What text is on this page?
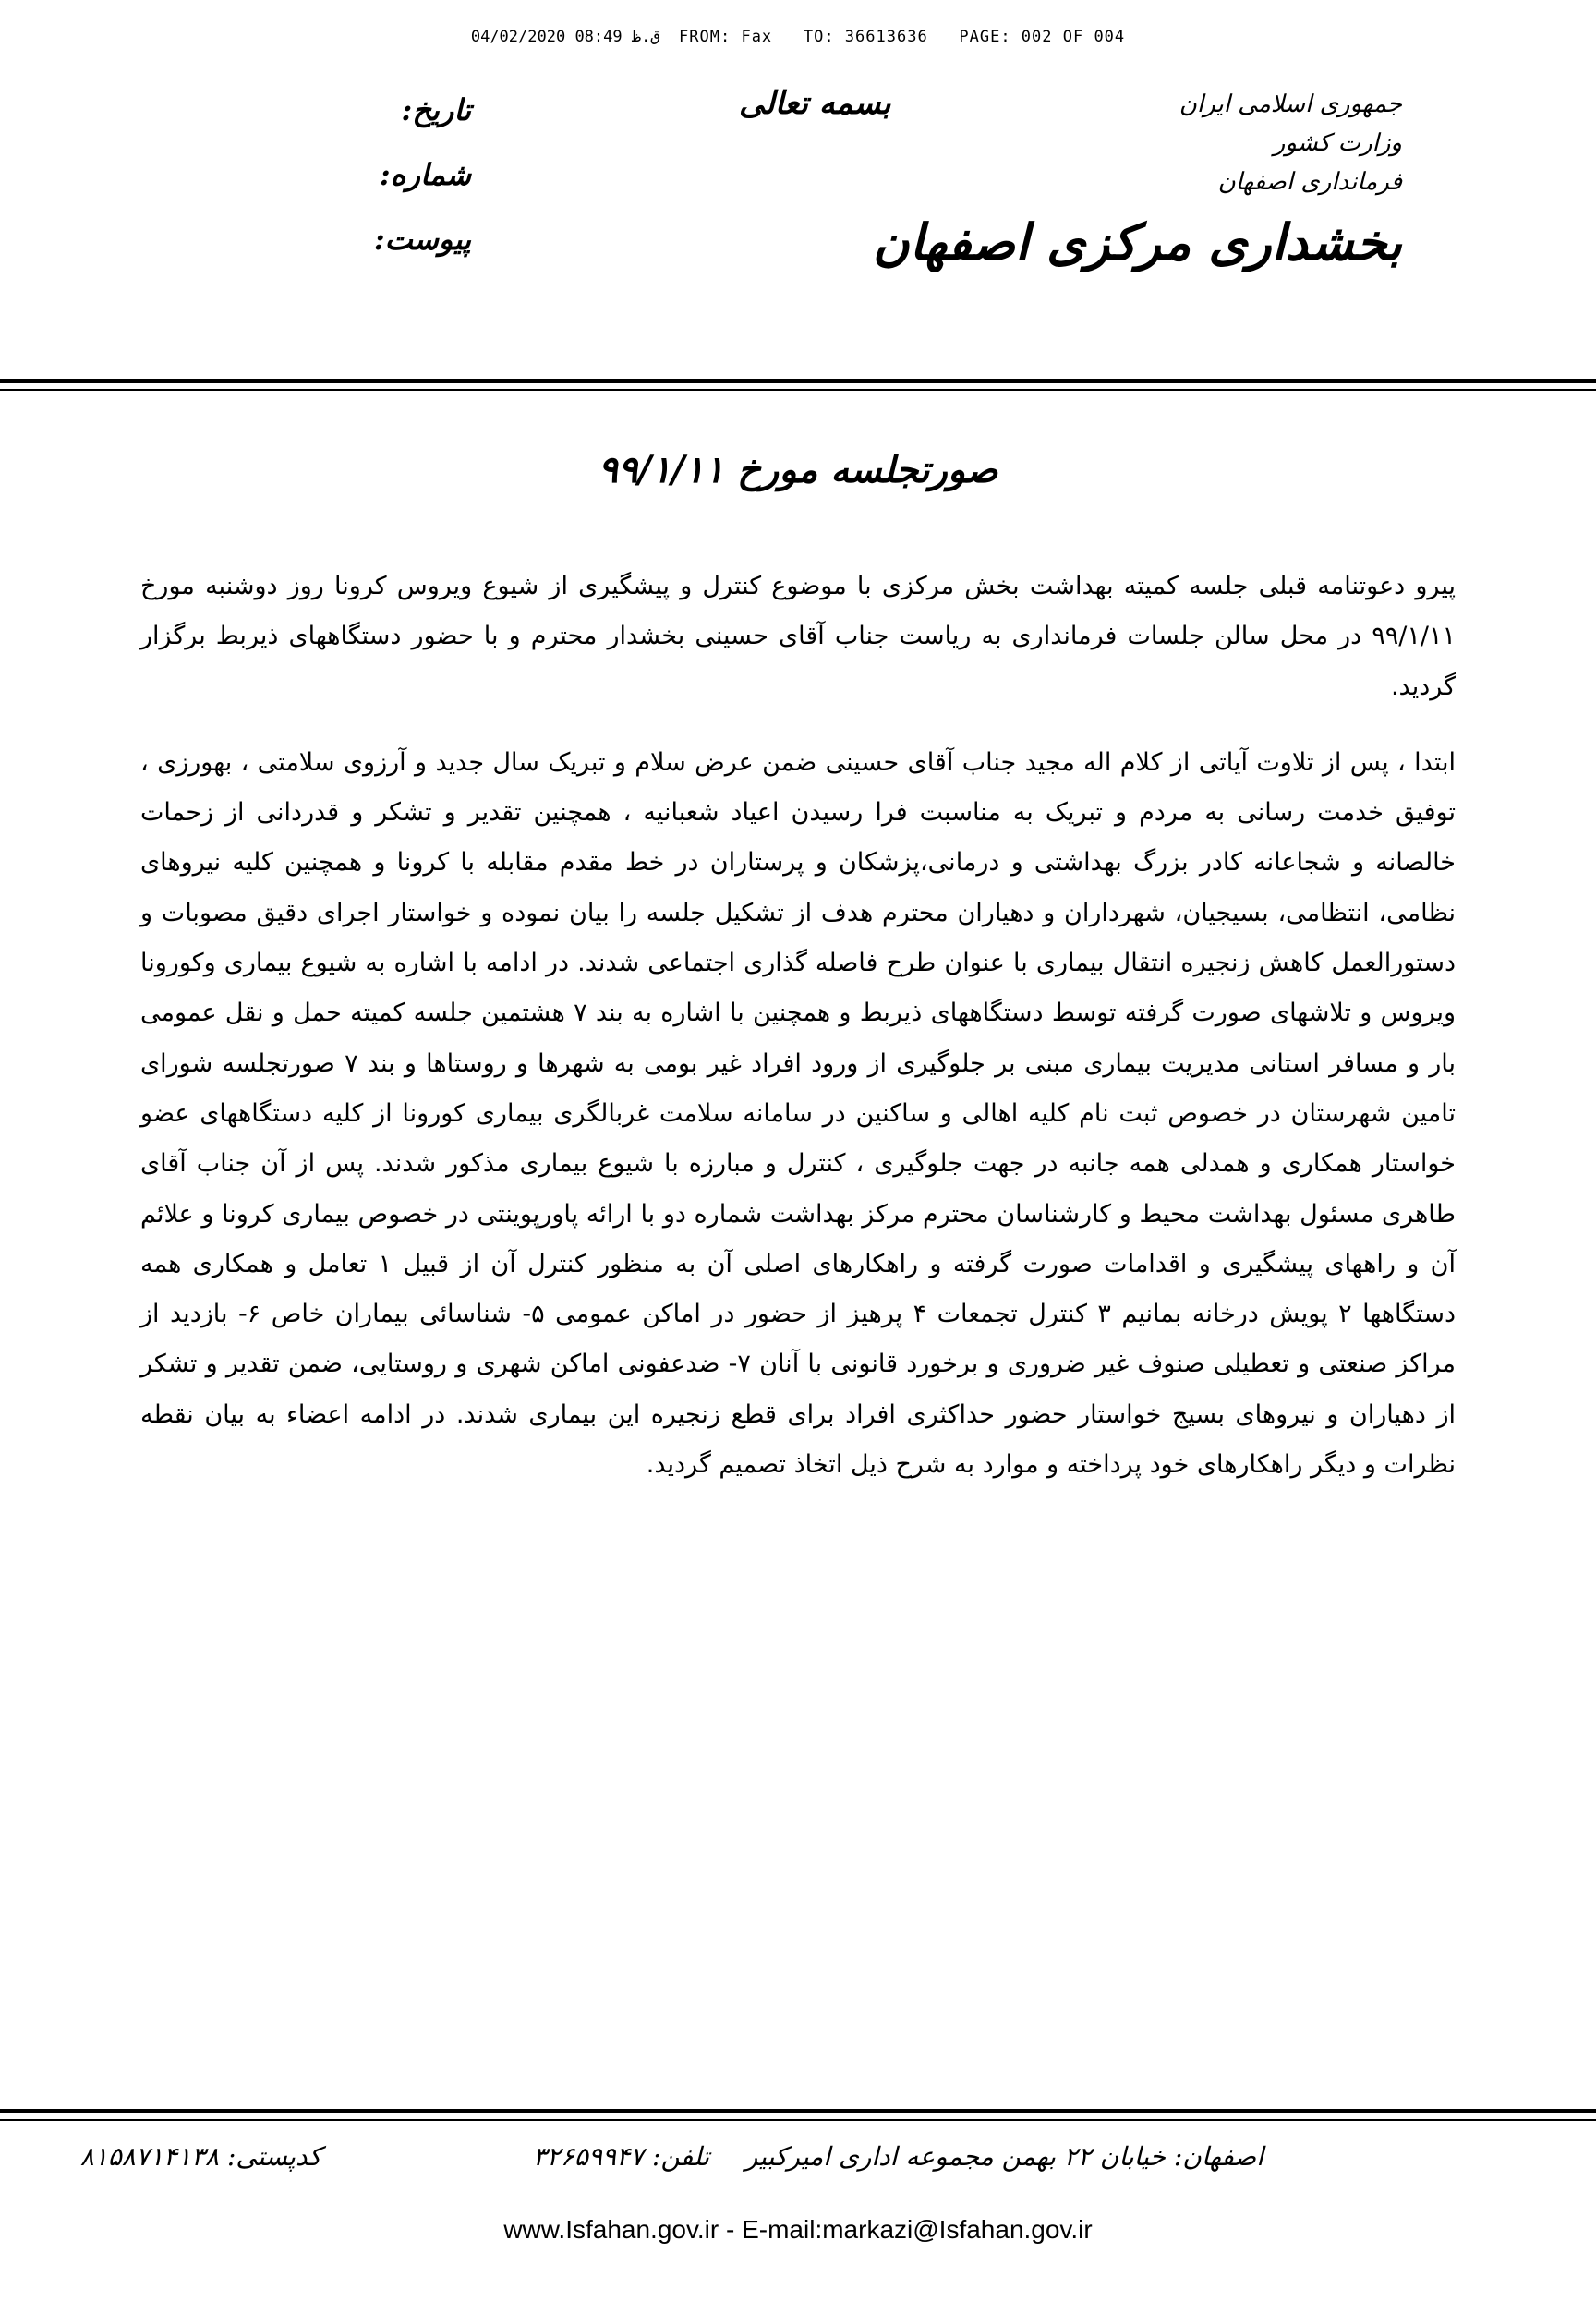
04/02/2020 ق.ظ 08:49  FROM: Fax   TO: 36613636   PAGE: 002 OF 004
جمهوری اسلامی ایران
وزارت کشور
فرمانداری اصفهان
بخشداری مرکزی اصفهان
بسمه تعالی
تاریخ:
شماره:
پیوست:
صورتجلسه مورخ ۹۹/۱/۱۱

پیرو دعوتنامه قبلی جلسه کمیته بهداشت بخش مرکزی با موضوع کنترل و پیشگیری از شیوع ویروس کرونا روز دوشنبه مورخ ۹۹/۱/۱۱ در محل سالن جلسات فرمانداری به ریاست جناب آقای حسینی بخشدار محترم و با حضور دستگاههای ذیربط برگزار گردید.

ابتدا ، پس از تلاوت آیاتی از کلام اله مجید جناب آقای حسینی ضمن عرض سلام و تبریک سال جدید و آرزوی سلامتی ، بهورزی ، توفیق خدمت رسانی به مردم و تبریک به مناسبت فرا رسیدن اعیاد شعبانیه ، همچنین تقدیر و تشکر و قدردانی از زحمات خالصانه و شجاعانه کادر بزرگ بهداشتی و درمانی،پزشکان و پرستاران در خط مقدم مقابله با کرونا و همچنین کلیه نیروهای نظامی، انتظامی، بسیجیان، شهرداران و دهیاران محترم هدف از تشکیل جلسه را بیان نموده و خواستار اجرای دقیق مصوبات و دستورالعمل کاهش زنجیره انتقال بیماری با عنوان طرح فاصله گذاری اجتماعی شدند. در ادامه با اشاره به شیوع بیماری وکورونا ویروس و تلاشهای صورت گرفته توسط دستگاههای ذیربط و همچنین با اشاره به بند ۷ هشتمین جلسه کمیته حمل و نقل عمومی بار و مسافر استانی مدیریت بیماری مبنی بر جلوگیری از ورود افراد غیر بومی به شهرها و روستاها و بند ۷ صورتجلسه شورای تامین شهرستان در خصوص ثبت نام کلیه اهالی و ساکنین در سامانه سلامت غربالگری بیماری کورونا از کلیه دستگاههای عضو خواستار همکاری و همدلی همه جانبه در جهت جلوگیری ، کنترل و مبارزه با شیوع بیماری مذکور شدند. پس از آن جناب آقای طاهری مسئول بهداشت محیط و کارشناسان محترم مرکز بهداشت شماره دو با ارائه پاورپوینتی در خصوص بیماری کرونا و علائم آن و راههای پیشگیری و اقدامات صورت گرفته و راهکارهای اصلی آن به منظور کنترل آن از قبیل ۱ تعامل و همکاری همه دستگاهها ۲ پویش درخانه بمانیم ۳ کنترل تجمعات ۴ پرهیز از حضور در اماکن عمومی ۵- شناسائی بیماران خاص ۶- بازدید از مراکز صنعتی و تعطیلی صنوف غیر ضروری و برخورد قانونی با آنان ۷- ضدعفونی اماکن شهری و روستایی، ضمن تقدیر و تشکر از دهیاران و نیروهای بسیج خواستار حضور حداکثری افراد برای قطع زنجیره این بیماری شدند. در ادامه اعضاء به بیان نقطه نظرات و دیگر راهکارهای خود پرداخته و موارد به شرح ذیل اتخاذ تصمیم گردید.

اصفهان: خیابان ۲۲ بهمن مجموعه اداری امیرکبیر
تلفن: ۳۲۶۵۹۹۴۷
کدپستی: ۸۱۵۸۷۱۴۱۳۸
www.Isfahan.gov.ir - E-mail:markazi@Isfahan.gov.ir
